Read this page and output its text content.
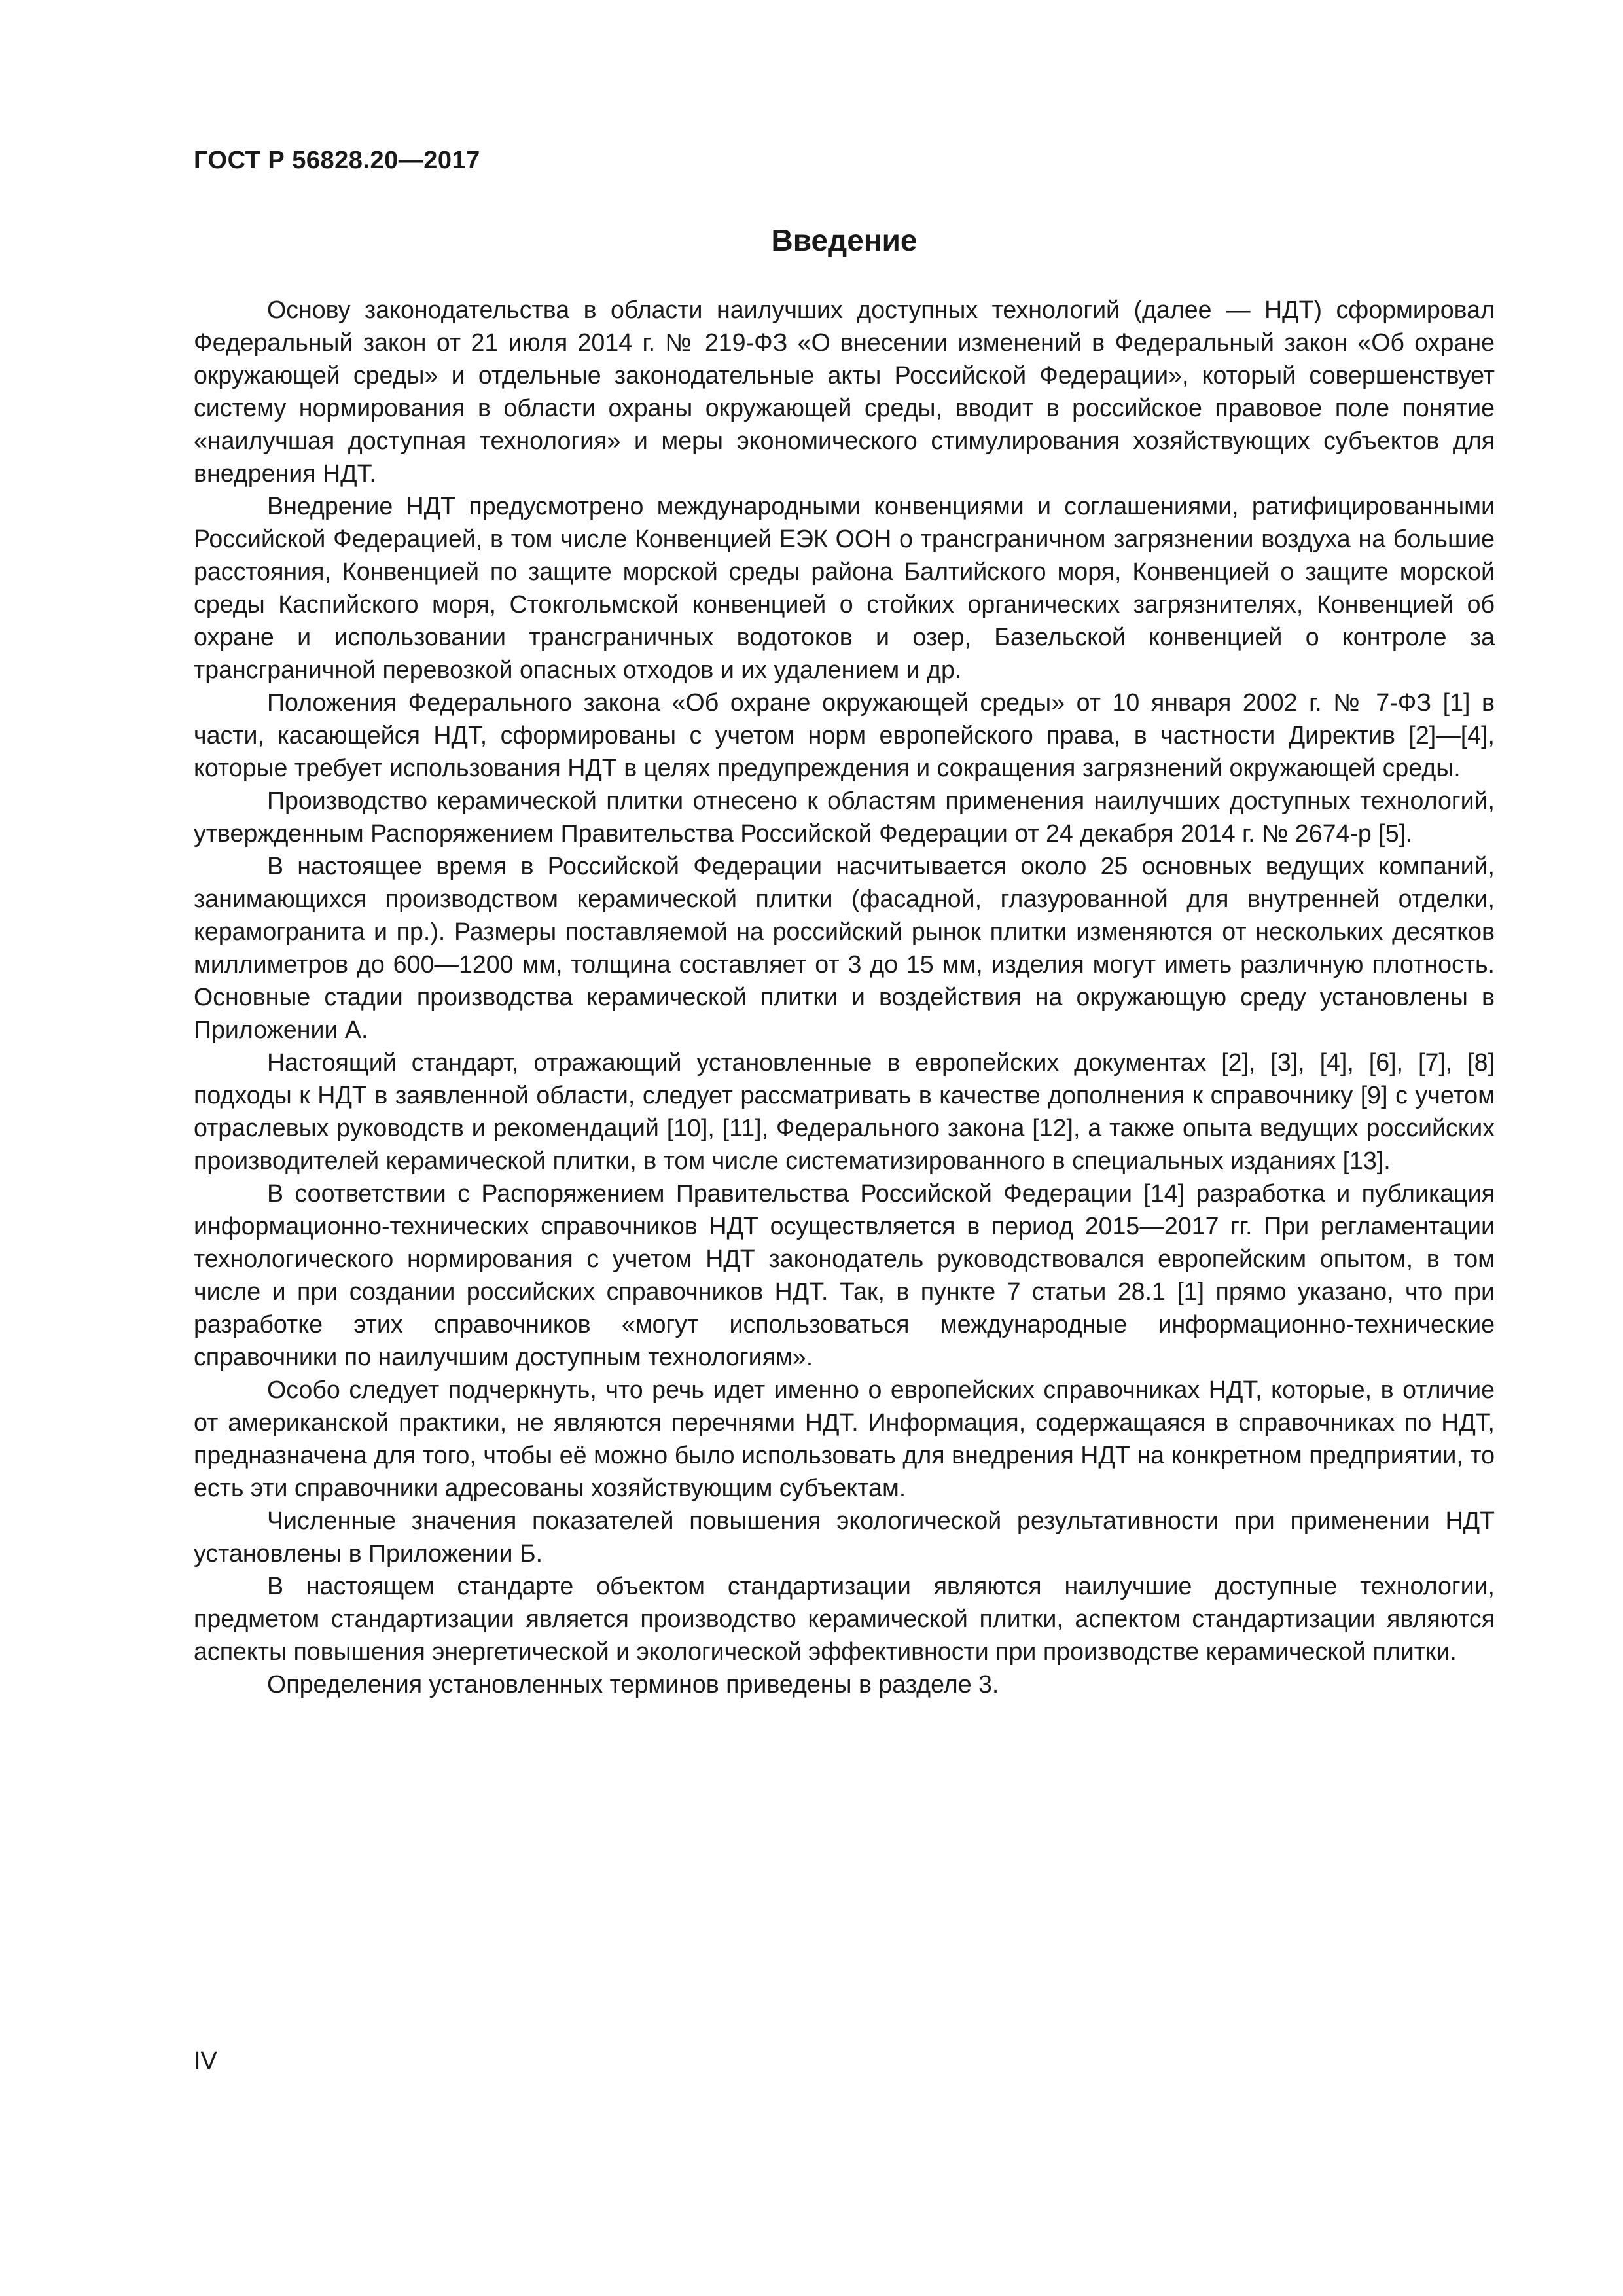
ГОСТ Р 56828.20—2017
Введение

Основу законодательства в области наилучших доступных технологий (далее — НДТ) сформировал Федеральный закон от 21 июля 2014 г. № 219-ФЗ «О внесении изменений в Федеральный закон «Об охране окружающей среды» и отдельные законодательные акты Российской Федерации», который совершенствует систему нормирования в области охраны окружающей среды, вводит в российское правовое поле понятие «наилучшая доступная технология» и меры экономического стимулирования хозяйствующих субъектов для внедрения НДТ.

Внедрение НДТ предусмотрено международными конвенциями и соглашениями, ратифицированными Российской Федерацией, в том числе Конвенцией ЕЭК ООН о трансграничном загрязнении воздуха на большие расстояния, Конвенцией по защите морской среды района Балтийского моря, Конвенцией о защите морской среды Каспийского моря, Стокгольмской конвенцией о стойких органических загрязнителях, Конвенцией об охране и использовании трансграничных водотоков и озер, Базельской конвенцией о контроле за трансграничной перевозкой опасных отходов и их удалением и др.

Положения Федерального закона «Об охране окружающей среды» от 10 января 2002 г. № 7-ФЗ [1] в части, касающейся НДТ, сформированы с учетом норм европейского права, в частности Директив [2]—[4], которые требует использования НДТ в целях предупреждения и сокращения загрязнений окружающей среды.

Производство керамической плитки отнесено к областям применения наилучших доступных технологий, утвержденным Распоряжением Правительства Российской Федерации от 24 декабря 2014 г. № 2674-р [5].

В настоящее время в Российской Федерации насчитывается около 25 основных ведущих компаний, занимающихся производством керамической плитки (фасадной, глазурованной для внутренней отделки, керамогранита и пр.). Размеры поставляемой на российский рынок плитки изменяются от нескольких десятков миллиметров до 600—1200 мм, толщина составляет от 3 до 15 мм, изделия могут иметь различную плотность. Основные стадии производства керамической плитки и воздействия на окружающую среду установлены в Приложении А.

Настоящий стандарт, отражающий установленные в европейских документах [2], [3], [4], [6], [7], [8] подходы к НДТ в заявленной области, следует рассматривать в качестве дополнения к справочнику [9] с учетом отраслевых руководств и рекомендаций [10], [11], Федерального закона [12], а также опыта ведущих российских производителей керамической плитки, в том числе систематизированного в специальных изданиях [13].

В соответствии с Распоряжением Правительства Российской Федерации [14] разработка и публикация информационно-технических справочников НДТ осуществляется в период 2015—2017 гг. При регламентации технологического нормирования с учетом НДТ законодатель руководствовался европейским опытом, в том числе и при создании российских справочников НДТ. Так, в пункте 7 статьи 28.1 [1] прямо указано, что при разработке этих справочников «могут использоваться международные информационно-технические справочники по наилучшим доступным технологиям».

Особо следует подчеркнуть, что речь идет именно о европейских справочниках НДТ, которые, в отличие от американской практики, не являются перечнями НДТ. Информация, содержащаяся в справочниках по НДТ, предназначена для того, чтобы её можно было использовать для внедрения НДТ на конкретном предприятии, то есть эти справочники адресованы хозяйствующим субъектам.

Численные значения показателей повышения экологической результативности при применении НДТ установлены в Приложении Б.

В настоящем стандарте объектом стандартизации являются наилучшие доступные технологии, предметом стандартизации является производство керамической плитки, аспектом стандартизации являются аспекты повышения энергетической и экологической эффективности при производстве керамической плитки.

Определения установленных терминов приведены в разделе 3.

IV
